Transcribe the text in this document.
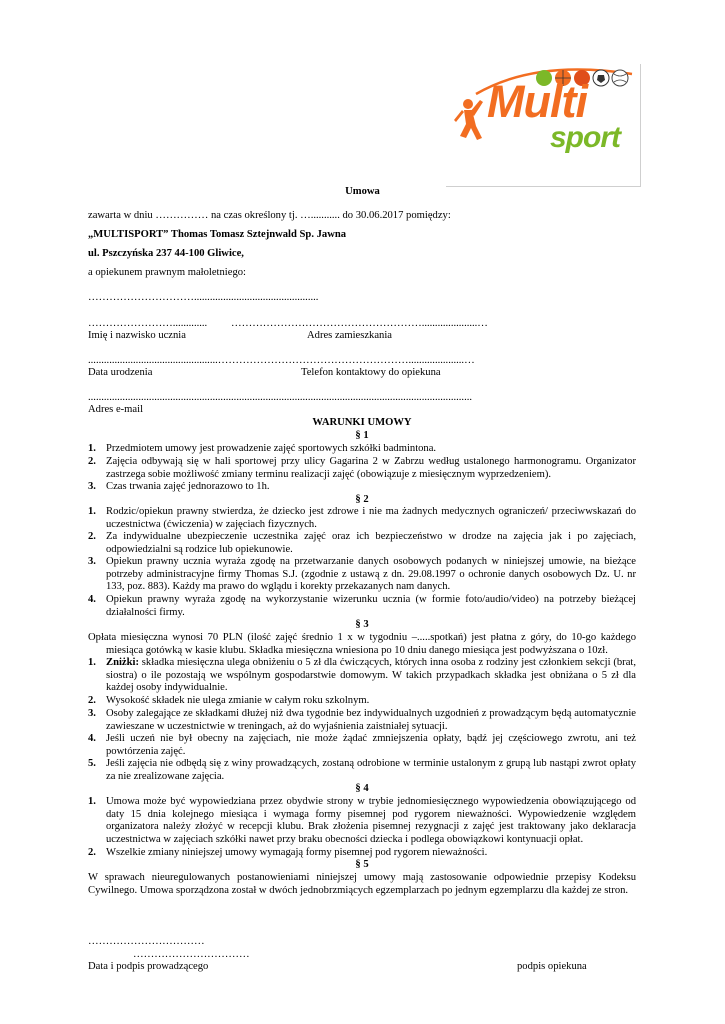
Multi
sport
Umowa
zawarta w dniu …………… na czas określony tj. …........... do 30.06.2017 pomiędzy:
„MULTISPORT” Thomas Tomasz Sztejnwald Sp. Jawna
ul. Pszczyńska 237 44-100 Gliwice,
a opiekunem prawnym małoletniego:
…………………………...............................................
……………………............. ……………………………………………….....................…
Imię i nazwisko ucznia	Adres zamieszkania
.................................................……………………………………………….....................…
Data urodzenia	Telefon kontaktowy do opiekuna
.................................................................................................................................................
Adres e-mail
WARUNKI UMOWY
§ 1
1. Przedmiotem umowy jest prowadzenie zajęć sportowych szkółki badmintona.
2. Zajęcia odbywają się w hali sportowej przy ulicy Gagarina 2 w Zabrzu według ustalonego harmonogramu. Organizator zastrzega sobie możliwość zmiany terminu realizacji zajęć (obowiązuje z miesięcznym wyprzedzeniem).
3. Czas trwania zajęć jednorazowo to 1h.
§ 2
1. Rodzic/opiekun prawny stwierdza, że dziecko jest zdrowe i nie ma żadnych medycznych ograniczeń/ przeciwwskazań do uczestnictwa (ćwiczenia) w zajęciach fizycznych.
2. Za indywidualne ubezpieczenie uczestnika zajęć oraz ich bezpieczeństwo w drodze na zajęcia jak i po zajęciach, odpowiedzialni są rodzice lub opiekunowie.
3. Opiekun prawny ucznia wyraża zgodę na przetwarzanie danych osobowych podanych w niniejszej umowie, na bieżące potrzeby administracyjne firmy Thomas S.J. (zgodnie z ustawą z dn. 29.08.1997 o ochronie danych osobowych Dz. U. nr 133, poz. 883). Każdy ma prawo do wglądu i korekty przekazanych nam danych.
4. Opiekun prawny wyraża zgodę na wykorzystanie wizerunku ucznia (w formie foto/audio/video) na potrzeby bieżącej działalności firmy.
§ 3
Opłata miesięczna wynosi 70 PLN (ilość zajęć średnio 1 x w tygodniu –.....spotkań) jest płatna z góry, do 10-go każdego miesiąca gotówką w kasie klubu. Składka miesięczna wniesiona po 10 dniu danego miesiąca jest podwyższana o 10zł.
1. Zniżki: składka miesięczna ulega obniżeniu o 5 zł dla ćwiczących, których inna osoba z rodziny jest członkiem sekcji (brat, siostra) o ile pozostają we wspólnym gospodarstwie domowym. W takich przypadkach składka jest obniżana o 5 zł dla każdej osoby indywidualnie.
2. Wysokość składek nie ulega zmianie w całym roku szkolnym.
3. Osoby zalegające ze składkami dłużej niż dwa tygodnie bez indywidualnych uzgodnień z prowadzącym będą automatycznie zawieszane w uczestnictwie w treningach, aż do wyjaśnienia zaistniałej sytuacji.
4. Jeśli uczeń nie był obecny na zajęciach, nie może żądać zmniejszenia opłaty, bądź jej częściowego zwrotu, ani też powtórzenia zajęć.
5. Jeśli zajęcia nie odbędą się z winy prowadzących, zostaną odrobione w terminie ustalonym z grupą lub nastąpi zwrot opłaty za nie zrealizowane zajęcia.
§ 4
1. Umowa może być wypowiedziana przez obydwie strony w trybie jednomiesięcznego wypowiedzenia obowiązującego od daty 15 dnia kolejnego miesiąca i wymaga formy pisemnej pod rygorem nieważności. Wypowiedzenie względem organizatora należy złożyć w recepcji klubu. Brak złożenia pisemnej rezygnacji z zajęć jest traktowany jako deklaracja uczestnictwa w zajęciach szkółki nawet przy braku obecności dziecka i podlega obowiązkowi kontynuacji opłat.
2. Wszelkie zmiany niniejszej umowy wymagają formy pisemnej pod rygorem nieważności.
§ 5
W sprawach nieuregulowanych postanowieniami niniejszej umowy mają zastosowanie odpowiednie przepisy Kodeksu Cywilnego. Umowa sporządzona został w dwóch jednobrzmiących egzemplarzach po jednym egzemplarzu dla każdej ze stron.
……………………………
……………………………
Data i podpis prowadzącego	podpis opiekuna
